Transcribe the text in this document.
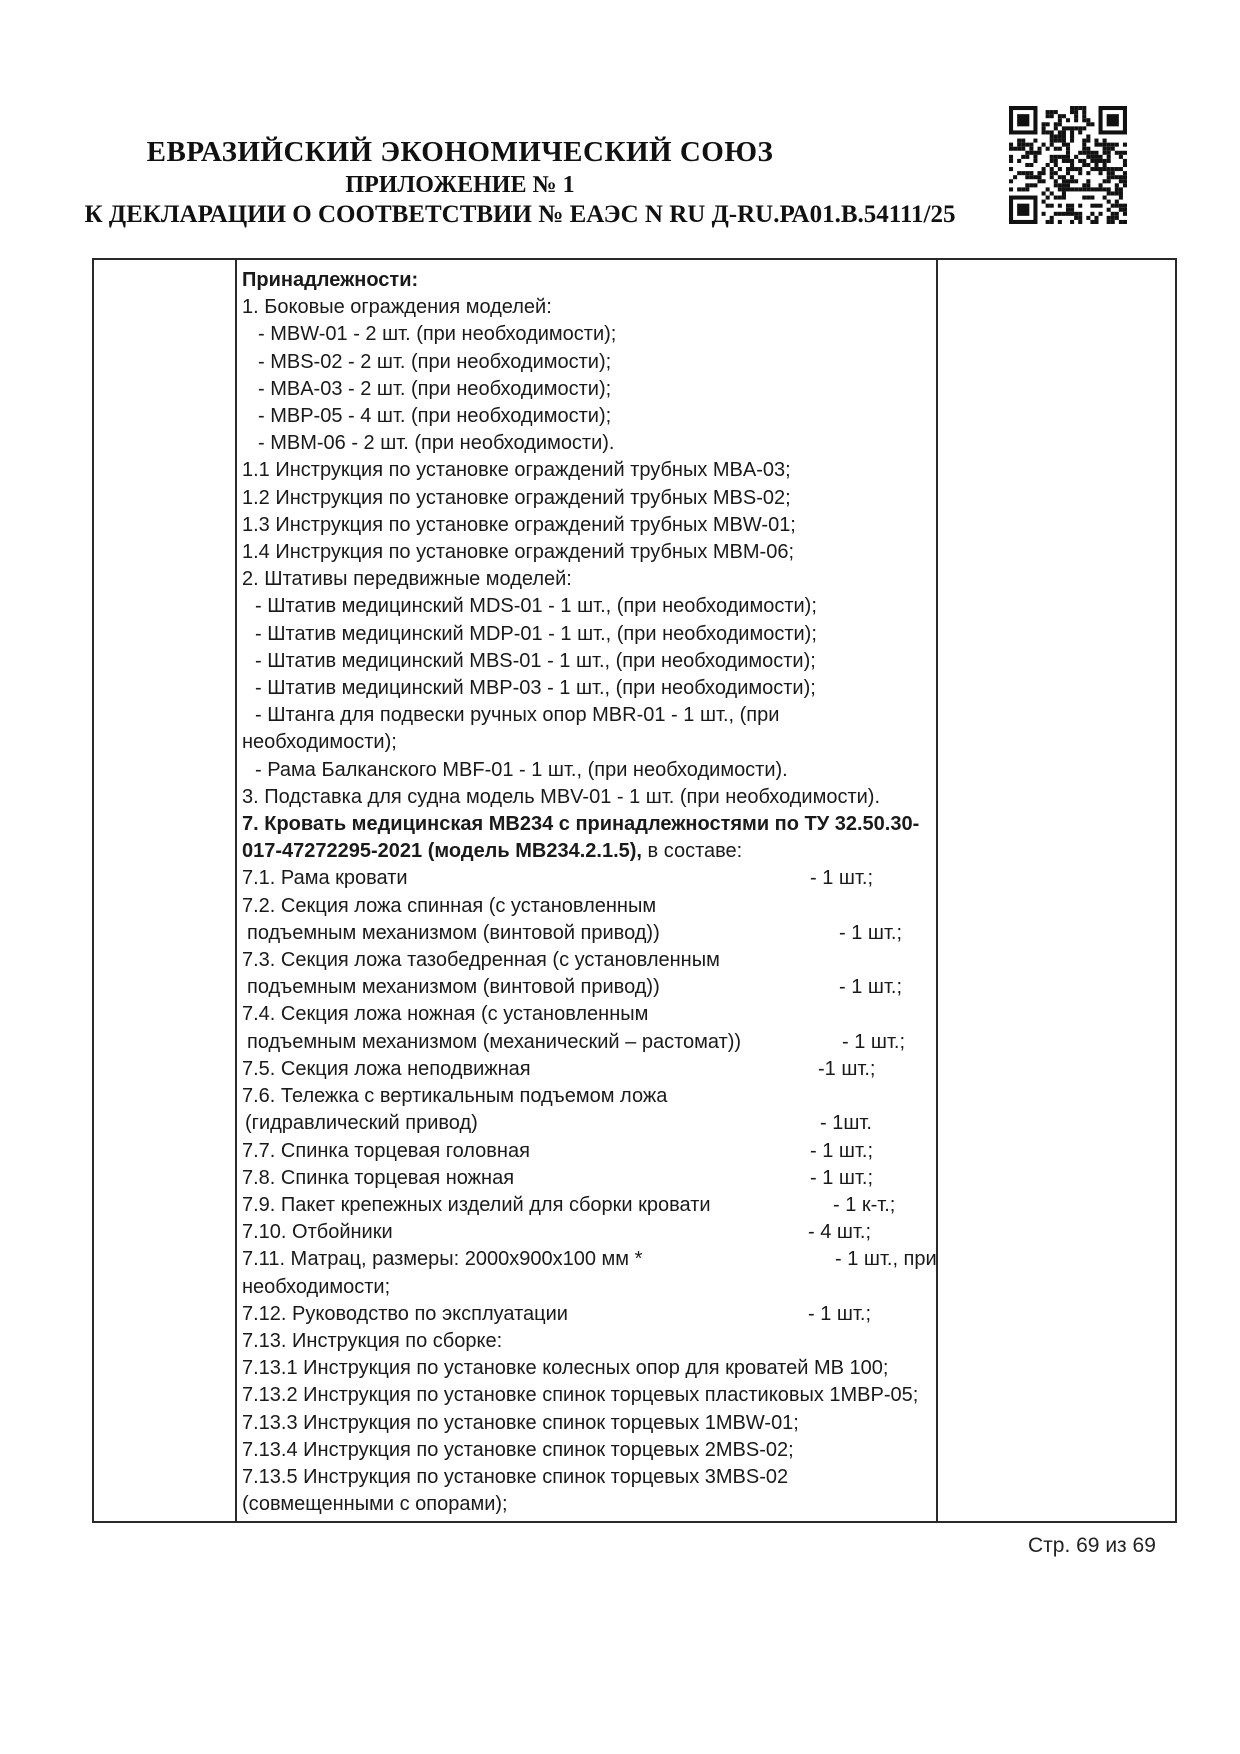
ЕВРАЗИЙСКИЙ ЭКОНОМИЧЕСКИЙ СОЮЗ
ПРИЛОЖЕНИЕ № 1
К ДЕКЛАРАЦИИ О СООТВЕТСТВИИ № ЕАЭС N RU Д-RU.РА01.В.54111/25
Принадлежности:
1. Боковые ограждения моделей:
- MBW-01 - 2 шт. (при необходимости);
- MBS-02 - 2 шт. (при необходимости);
- MBA-03 - 2 шт. (при необходимости);
- MBP-05 - 4 шт. (при необходимости);
- MBM-06 - 2 шт. (при необходимости).
1.1 Инструкция по установке ограждений трубных MBA-03;
1.2 Инструкция по установке ограждений трубных MBS-02;
1.3 Инструкция по установке ограждений трубных MBW-01;
1.4 Инструкция по установке ограждений трубных MBM-06;
2. Штативы передвижные моделей:
- Штатив медицинский MDS-01 - 1 шт., (при необходимости);
- Штатив медицинский MDP-01 - 1 шт., (при необходимости);
- Штатив медицинский MBS-01 - 1 шт., (при необходимости);
- Штатив медицинский MBP-03 - 1 шт., (при необходимости);
- Штанга для подвески ручных опор MBR-01 - 1 шт., (при
необходимости);
- Рама Балканского MBF-01 - 1 шт., (при необходимости).
3. Подставка для судна модель MBV-01 - 1 шт. (при необходимости).
7. Кровать медицинская МВ234 с принадлежностями по ТУ 32.50.30-
017-47272295-2021 (модель МВ234.2.1.5), в составе:
7.1. Рама кровати	- 1 шт.;
7.2. Секция ложа спинная (с установленным
подъемным механизмом (винтовой привод))	- 1 шт.;
7.3. Секция ложа тазобедренная (с установленным
подъемным механизмом (винтовой привод))	- 1 шт.;
7.4. Секция ложа ножная (с установленным
подъемным механизмом (механический – растомат))	- 1 шт.;
7.5. Секция ложа неподвижная	-1 шт.;
7.6. Тележка с вертикальным подъемом ложа
(гидравлический привод)	- 1шт.
7.7. Спинка торцевая головная	- 1 шт.;
7.8. Спинка торцевая ножная	- 1 шт.;
7.9. Пакет крепежных изделий для сборки кровати	- 1 к-т.;
7.10. Отбойники	- 4 шт.;
7.11. Матрац, размеры: 2000х900х100 мм *	- 1 шт., при
необходимости;
7.12. Руководство по эксплуатации	- 1 шт.;
7.13. Инструкция по сборке:
7.13.1 Инструкция по установке колесных опор для кроватей МВ 100;
7.13.2 Инструкция по установке спинок торцевых пластиковых 1МВР-05;
7.13.3 Инструкция по установке спинок торцевых 1MBW-01;
7.13.4 Инструкция по установке спинок торцевых 2MBS-02;
7.13.5 Инструкция по установке спинок торцевых 3MBS-02
(совмещенными с опорами);
Стр. 69 из 69
